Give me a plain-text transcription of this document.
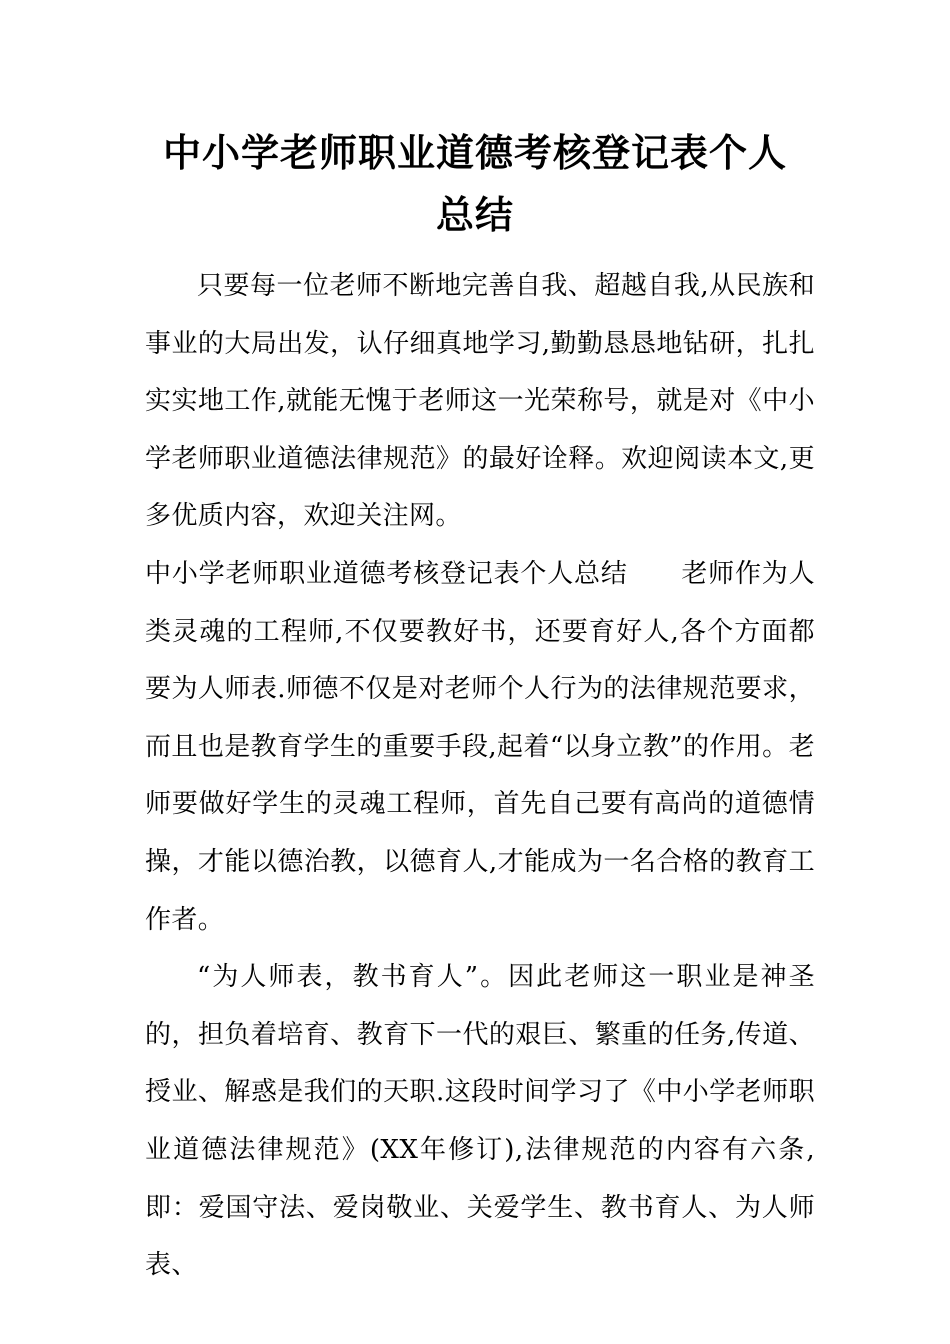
中小学老师职业道德考核登记表个人总结

只要每一位老师不断地完善自我、超越自我,从民族和事业的大局出发，认仔细真地学习,勤勤恳恳地钻研，扎扎实实地工作,就能无愧于老师这一光荣称号，就是对《中小学老师职业道德法律规范》的最好诠释。欢迎阅读本文,更多优质内容，欢迎关注网。

中小学老师职业道德考核登记表个人总结　　老师作为人类灵魂的工程师,不仅要教好书，还要育好人,各个方面都要为人师表.师德不仅是对老师个人行为的法律规范要求，而且也是教育学生的重要手段,起着“以身立教”的作用。老师要做好学生的灵魂工程师，首先自己要有高尚的道德情操，才能以德治教，以德育人,才能成为一名合格的教育工作者。

“为人师表，教书育人”。因此老师这一职业是神圣的，担负着培育、教育下一代的艰巨、繁重的任务,传道、授业、解惑是我们的天职.这段时间学习了《中小学老师职业道德法律规范》(XX年修订),法律规范的内容有六条,即：爱国守法、爱岗敬业、关爱学生、教书育人、为人师表、
